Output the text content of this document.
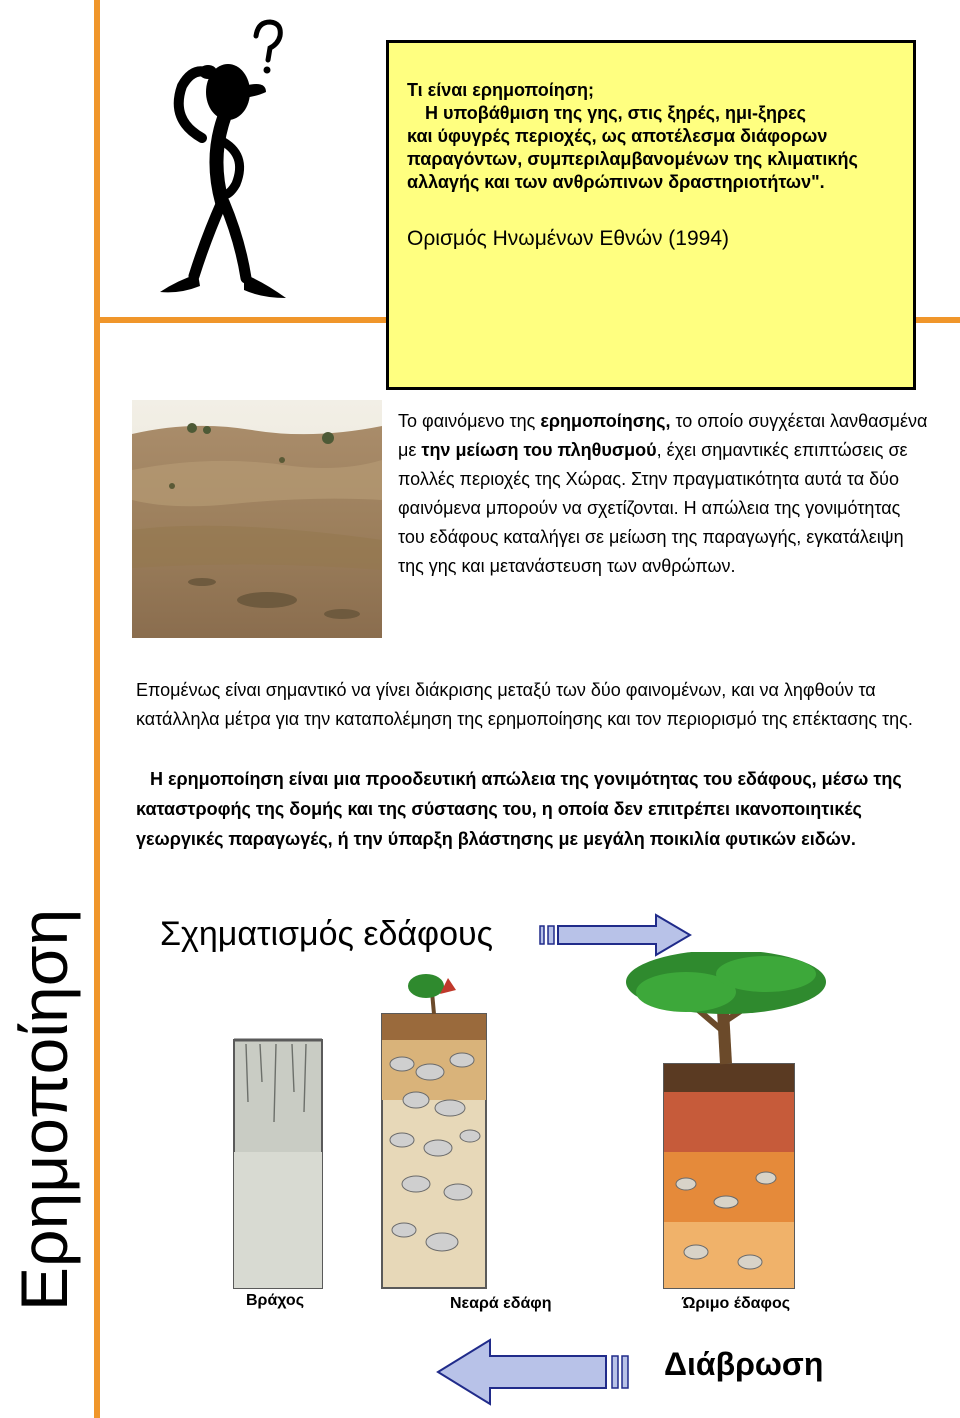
Ερημοποίηση
Τι είναι ερημοποίηση;
Η υποβάθμιση της γης, στις ξηρές, ημι-ξηρες
και ύφυγρές περιοχές, ως αποτέλεσμα διάφορων παραγόντων, συμπεριλαμβανομένων της κλιματικής αλλαγής και των ανθρώπινων δραστηριοτήτων".
Ορισμός Ηνωμένων Εθνών (1994)
Το φαινόμενο της ερημοποίησης, το οποίο συγχέεται λανθασμένα με την μείωση του πληθυσμού, έχει σημαντικές επιπτώσεις σε πολλές περιοχές της Χώρας. Στην πραγματικότητα αυτά τα δύο φαινόμενα μπορούν να σχετίζονται. Η απώλεια της γονιμότητας του εδάφους καταλήγει σε μείωση της παραγωγής, εγκατάλειψη της γης και μετανάστευση των ανθρώπων.
Επομένως είναι σημαντικό να γίνει διάκρισης μεταξύ των δύο φαινομένων, και να ληφθούν τα κατάλληλα μέτρα για την καταπολέμηση της ερημοποίησης και τον περιορισμό της επέκτασης της.
Η ερημοποίηση είναι μια προοδευτική απώλεια της γονιμότητας του εδάφους, μέσω της καταστροφής της δομής και της σύστασης του, η οποία δεν επιτρέπει ικανοποιητικές γεωργικές παραγωγές, ή την ύπαρξη βλάστησης με μεγάλη ποικιλία φυτικών ειδών.
Σχηματισμός εδάφους
Βράχος	Νεαρά εδάφη	Ώριμο έδαφος
Διάβρωση
